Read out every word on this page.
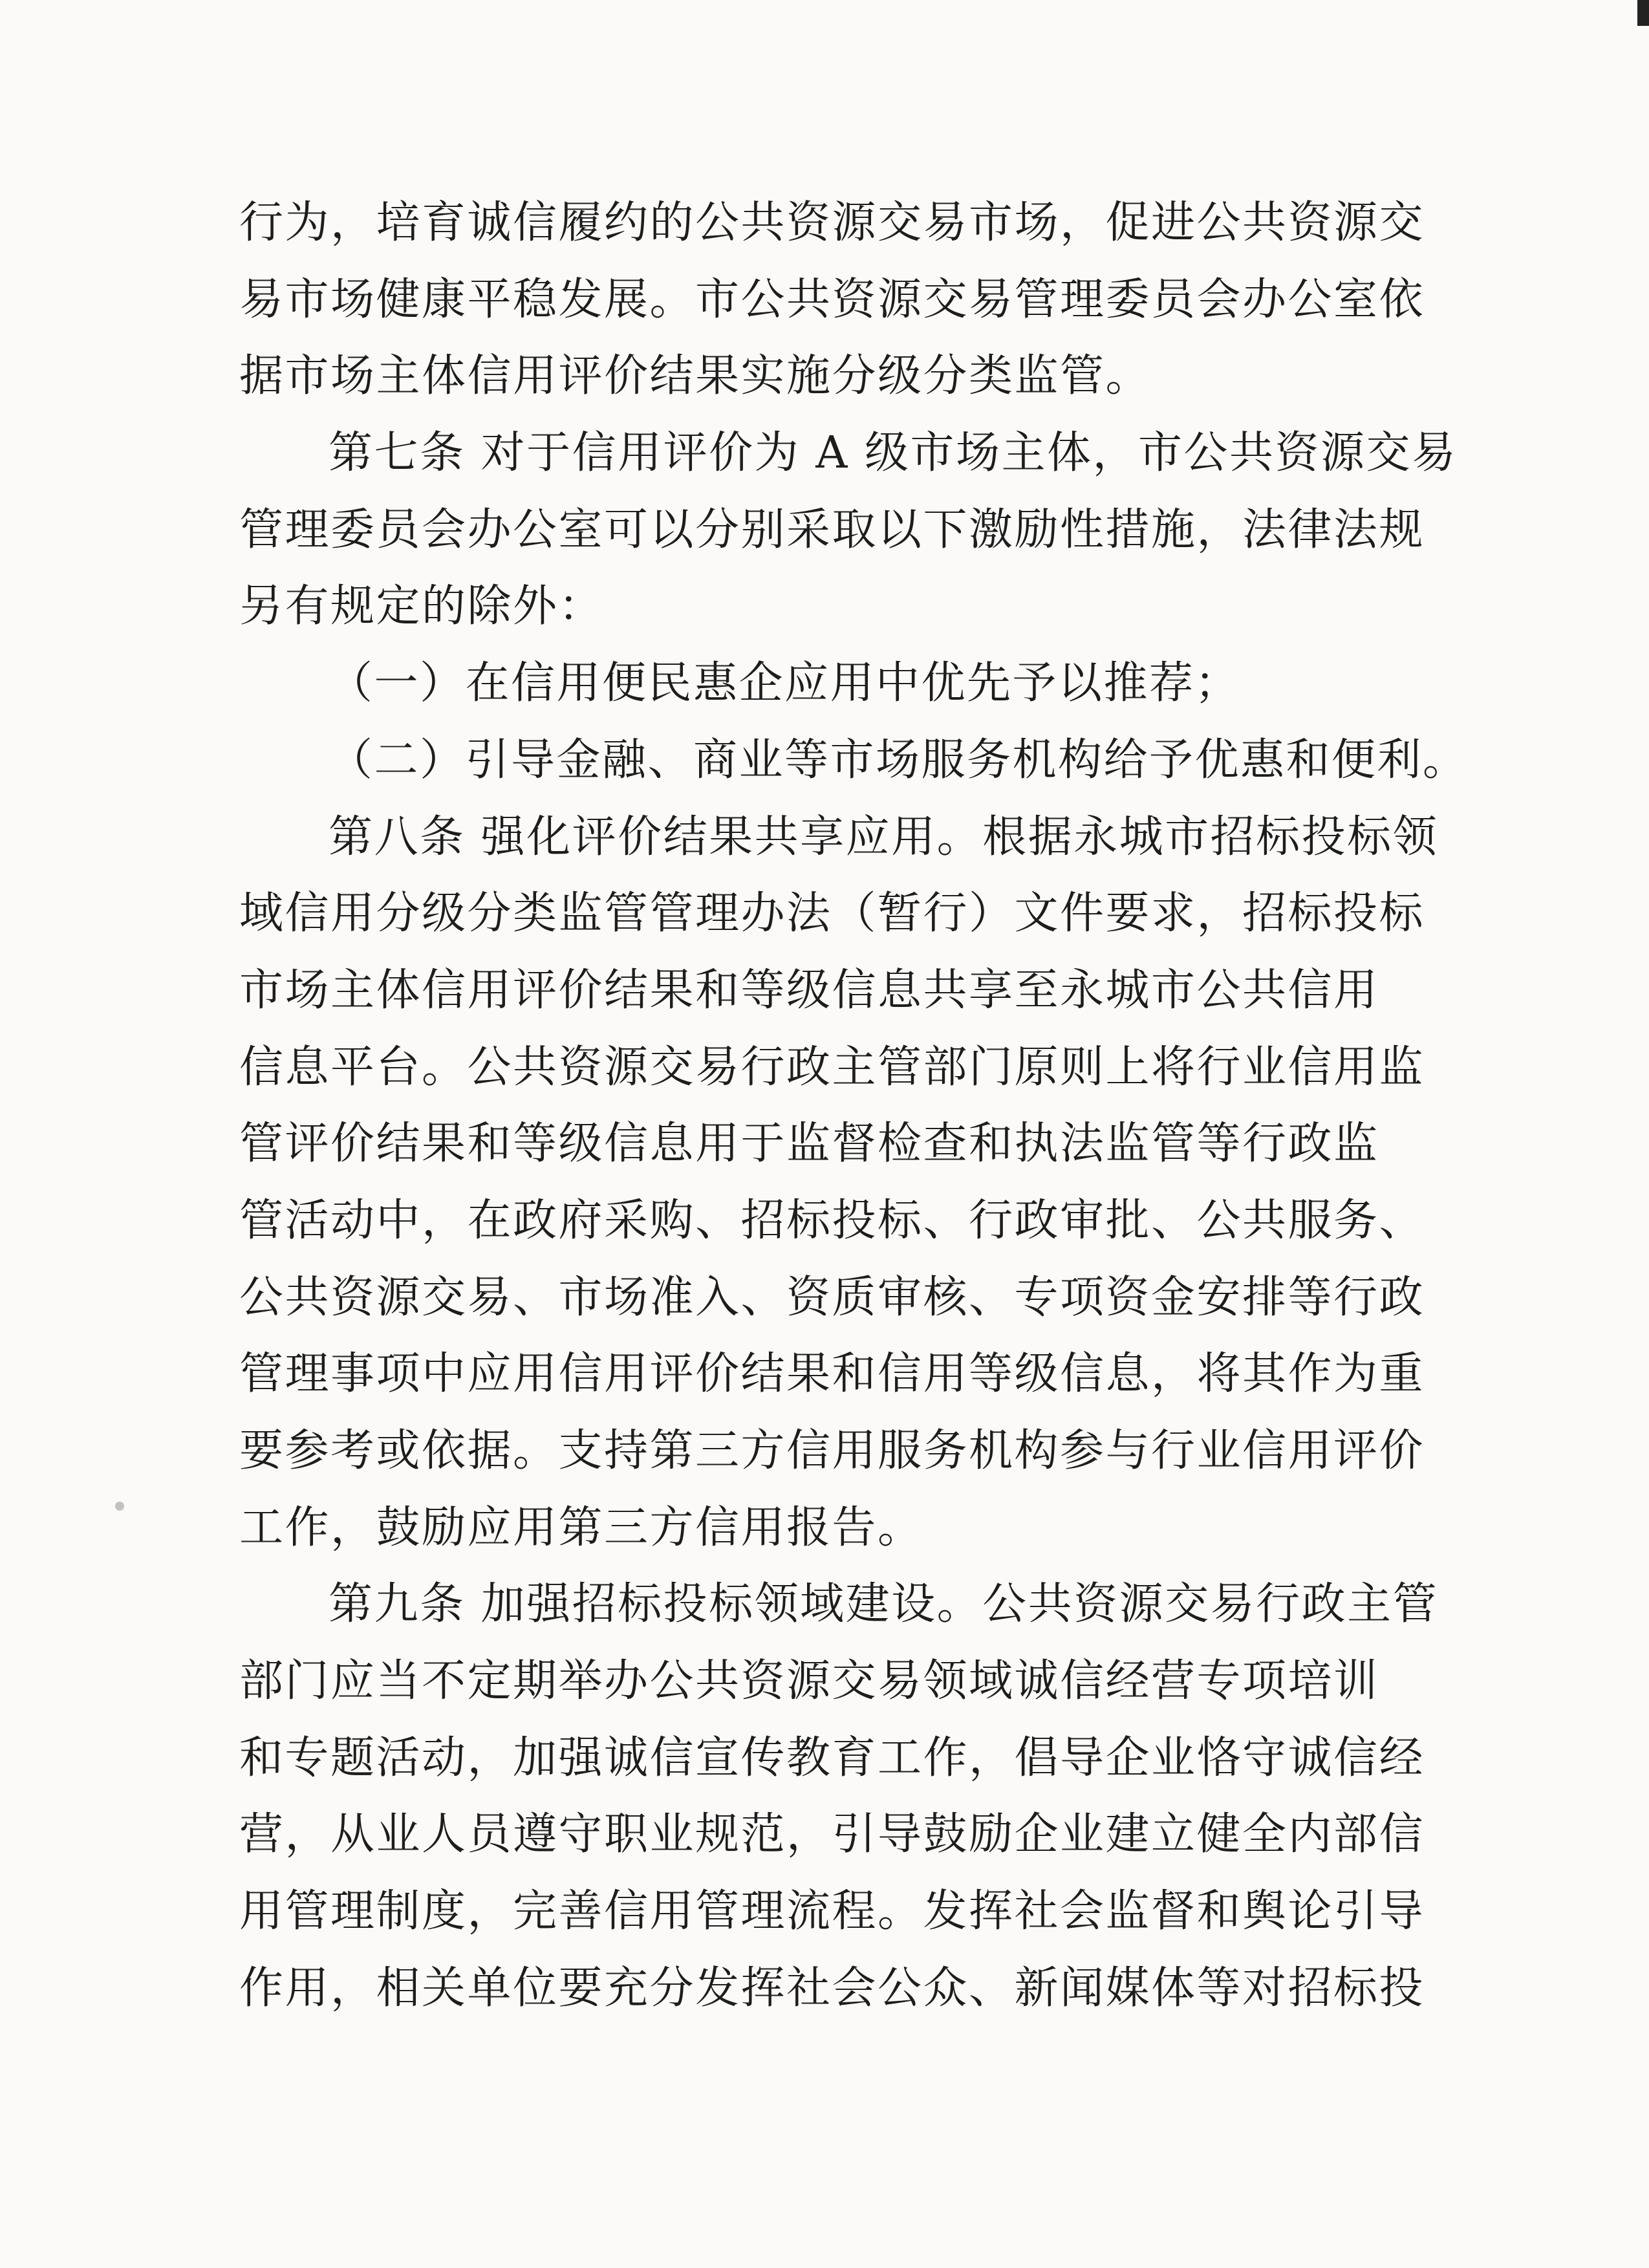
行为，培育诚信履约的公共资源交易市场，促进公共资源交
易市场健康平稳发展。市公共资源交易管理委员会办公室依
据市场主体信用评价结果实施分级分类监管。
第七条 对于信用评价为 A 级市场主体，市公共资源交易
管理委员会办公室可以分别采取以下激励性措施，法律法规
另有规定的除外：
（一）在信用便民惠企应用中优先予以推荐；
（二）引导金融、商业等市场服务机构给予优惠和便利。
第八条 强化评价结果共享应用。根据永城市招标投标领
域信用分级分类监管管理办法（暂行）文件要求，招标投标
市场主体信用评价结果和等级信息共享至永城市公共信用
信息平台。公共资源交易行政主管部门原则上将行业信用监
管评价结果和等级信息用于监督检查和执法监管等行政监
管活动中，在政府采购、招标投标、行政审批、公共服务、
公共资源交易、市场准入、资质审核、专项资金安排等行政
管理事项中应用信用评价结果和信用等级信息，将其作为重
要参考或依据。支持第三方信用服务机构参与行业信用评价
工作，鼓励应用第三方信用报告。
第九条 加强招标投标领域建设。公共资源交易行政主管
部门应当不定期举办公共资源交易领域诚信经营专项培训
和专题活动，加强诚信宣传教育工作，倡导企业恪守诚信经
营，从业人员遵守职业规范，引导鼓励企业建立健全内部信
用管理制度，完善信用管理流程。发挥社会监督和舆论引导
作用，相关单位要充分发挥社会公众、新闻媒体等对招标投
